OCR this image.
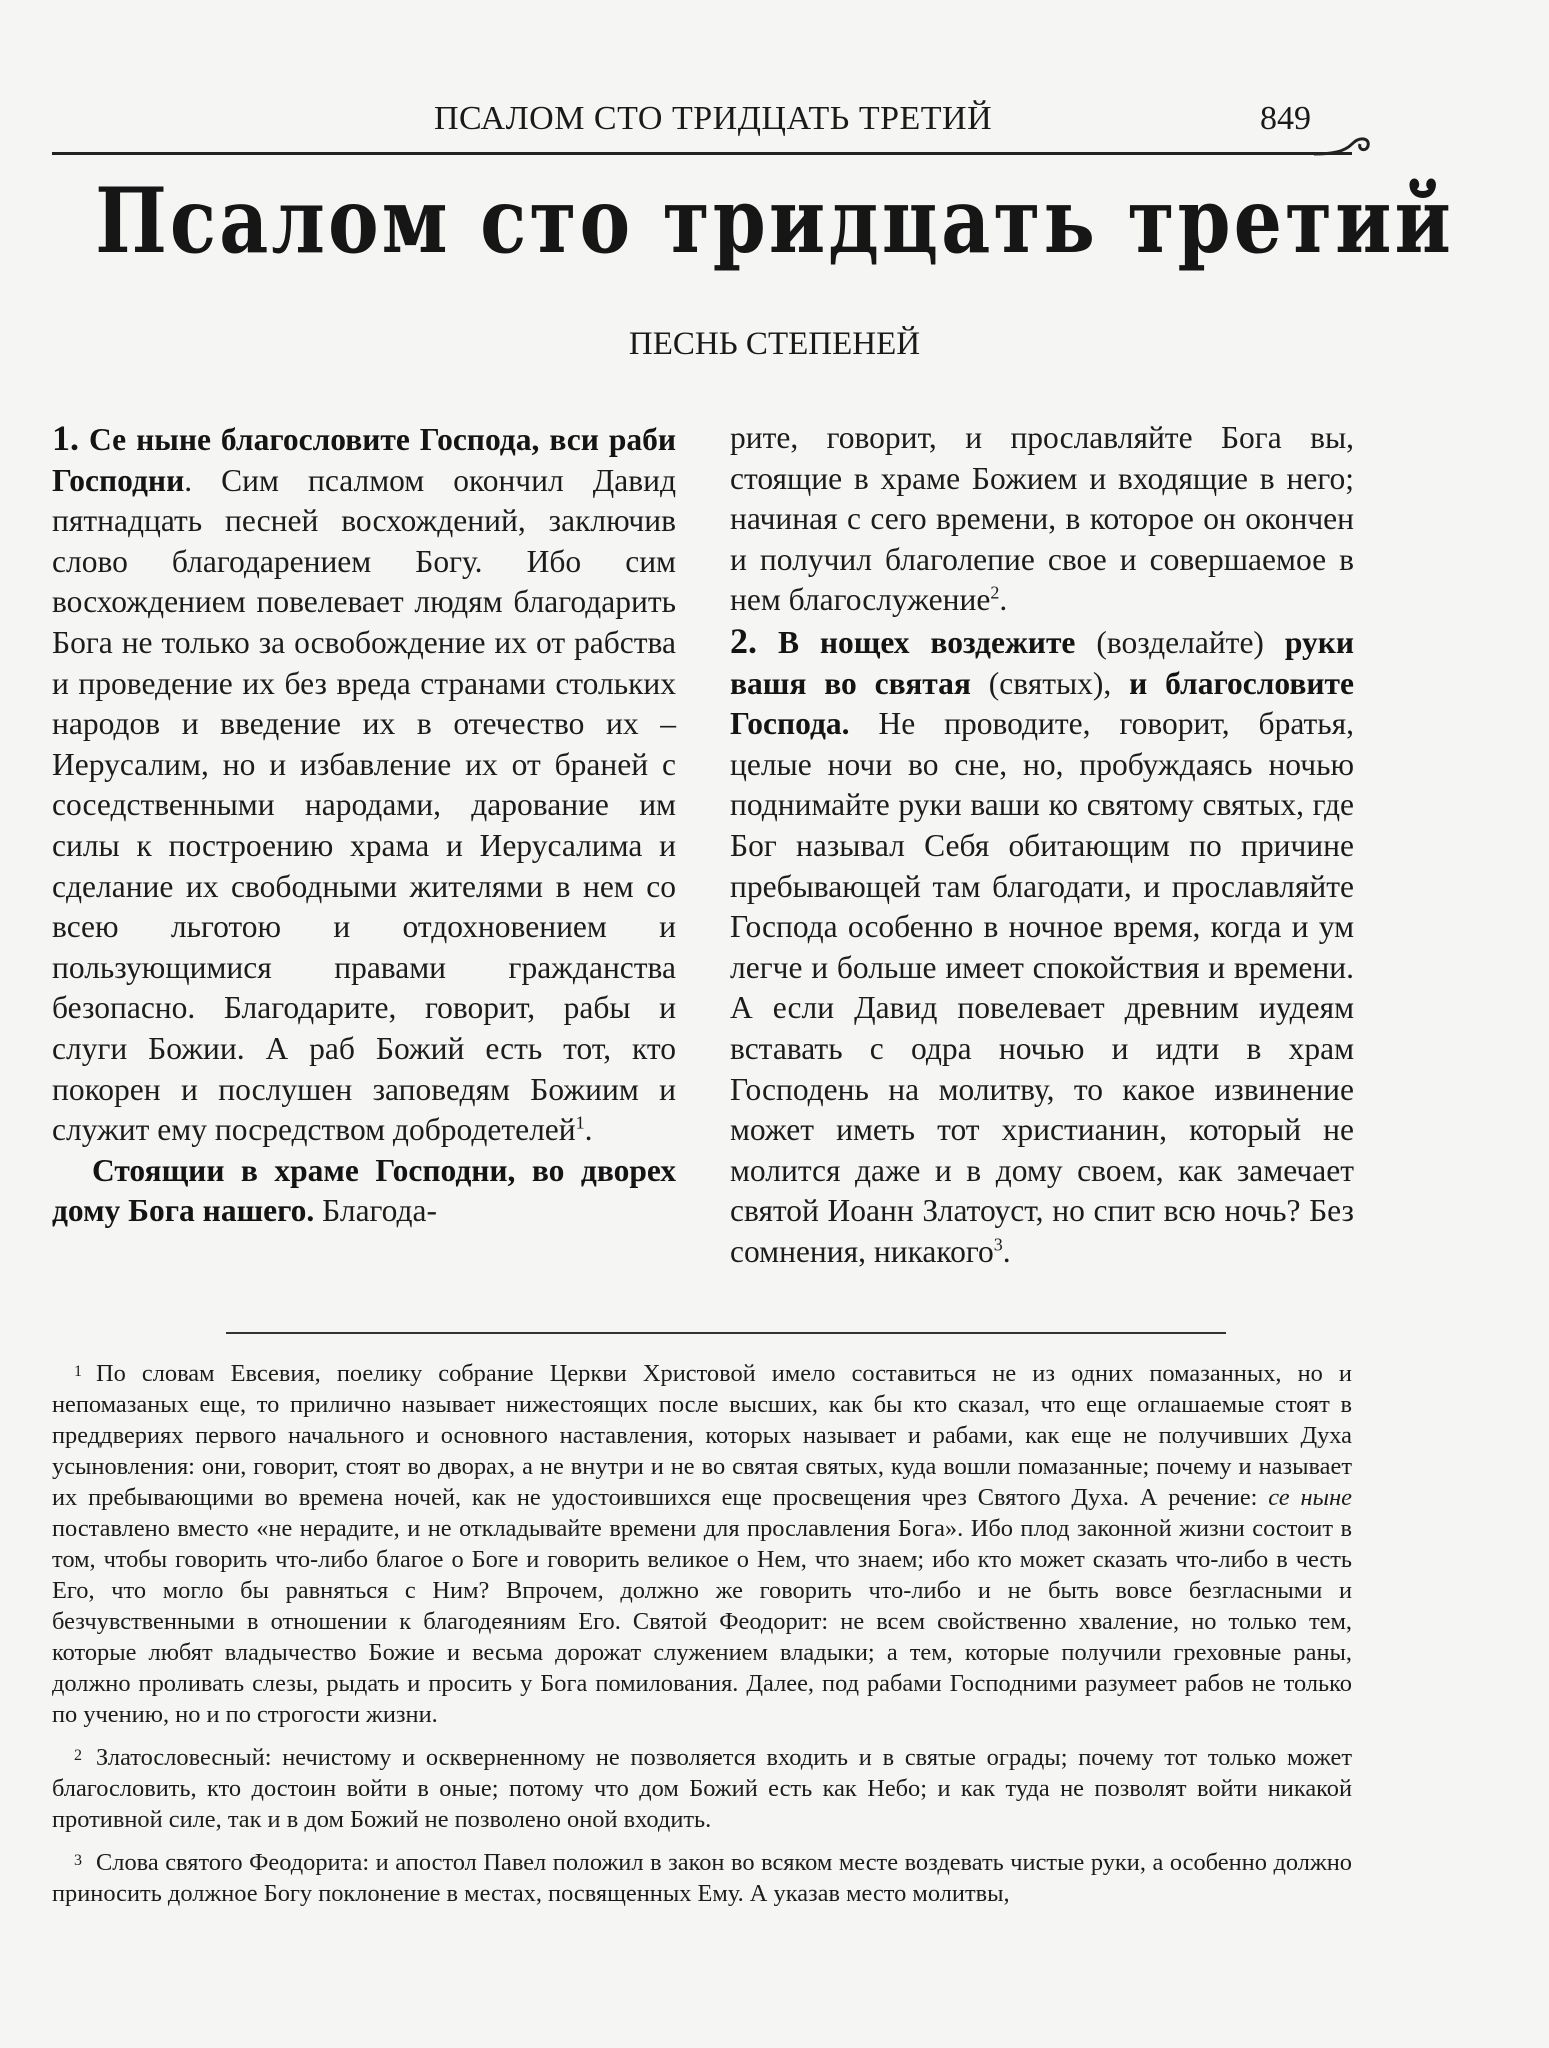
ПСАЛОМ СТО ТРИДЦАТЬ ТРЕТИЙ	849
Псалом сто тридцать третий
ПЕСНЬ СТЕПЕНЕЙ

1. Се ныне благословите Господа, вси раби Господни. Сим псалмом окончил Давид пятнадцать песней восхождений, заключив слово благодарением Богу. Ибо сим восхождением повелевает людям благодарить Бога не только за освобождение их от рабства и проведение их без вреда странами стольких народов и введение их в отечество их – Иерусалим, но и избавление их от браней с соседственными народами, дарование им силы к построению храма и Иерусалима и сделание их свободными жителями в нем со всею льготою и отдохновением и пользующимися правами гражданства безопасно. Благодарите, говорит, рабы и слуги Божии. А раб Божий есть тот, кто покорен и послушен заповедям Божиим и служит ему посредством добродетелей$^1$.

Стоящии в храме Господни, во дворех дому Бога нашего. Благода-

рите, говорит, и прославляйте Бога вы, стоящие в храме Божием и входящие в него; начиная с сего времени, в которое он окончен и получил благолепие свое и совершаемое в нем благослужение$^2$.

2. В нощех воздежите (возделайте) руки вашя во святая (святых), и благословите Господа. Не проводите, говорит, братья, целые ночи во сне, но, пробуждаясь ночью поднимайте руки ваши ко святому святых, где Бог называл Себя обитающим по причине пребывающей там благодати, и прославляйте Господа особенно в ночное время, когда и ум легче и больше имеет спокойствия и времени. А если Давид повелевает древним иудеям вставать с одра ночью и идти в храм Господень на молитву, то какое извинение может иметь тот христианин, который не молится даже и в дому своем, как замечает святой Иоанн Златоуст, но спит всю ночь? Без сомнения, никакого$^3$.

$^1$ По словам Евсевия, поелику собрание Церкви Христовой имело составиться не из одних помазанных, но и непомазаных еще, то прилично называет нижестоящих после высших, как бы кто сказал, что еще оглашаемые стоят в преддвериях первого начального и основного наставления, которых называет и рабами, как еще не получивших Духа усыновления: они, говорит, стоят во дворах, а не внутри и не во святая святых, куда вошли помазанные; почему и называет их пребывающими во времена ночей, как не удостоившихся еще просвещения чрез Святого Духа. А речение: се ныне поставлено вместо «не нерадите, и не откладывайте времени для прославления Бога». Ибо плод законной жизни состоит в том, чтобы говорить что-либо благое о Боге и говорить великое о Нем, что знаем; ибо кто может сказать что-либо в честь Его, что могло бы равняться с Ним? Впрочем, должно же говорить что-либо и не быть вовсе безгласными и безчувственными в отношении к благодеяниям Его. Святой Феодорит: не всем свойственно хваление, но только тем, которые любят владычество Божие и весьма дорожат служением владыки; а тем, которые получили греховные раны, должно проливать слезы, рыдать и просить у Бога помилования. Далее, под рабами Господними разумеет рабов не только по учению, но и по строгости жизни.

$^2$ Златословесный: нечистому и оскверненному не позволяется входить и в святые ограды; почему тот только может благословить, кто достоин войти в оные; потому что дом Божий есть как Небо; и как туда не позволят войти никакой противной силе, так и в дом Божий не позволено оной входить.

$^3$ Слова святого Феодорита: и апостол Павел положил в закон во всяком месте воздевать чистые руки, а особенно должно приносить должное Богу поклонение в местах, посвященных Ему. А указав место молитвы,
